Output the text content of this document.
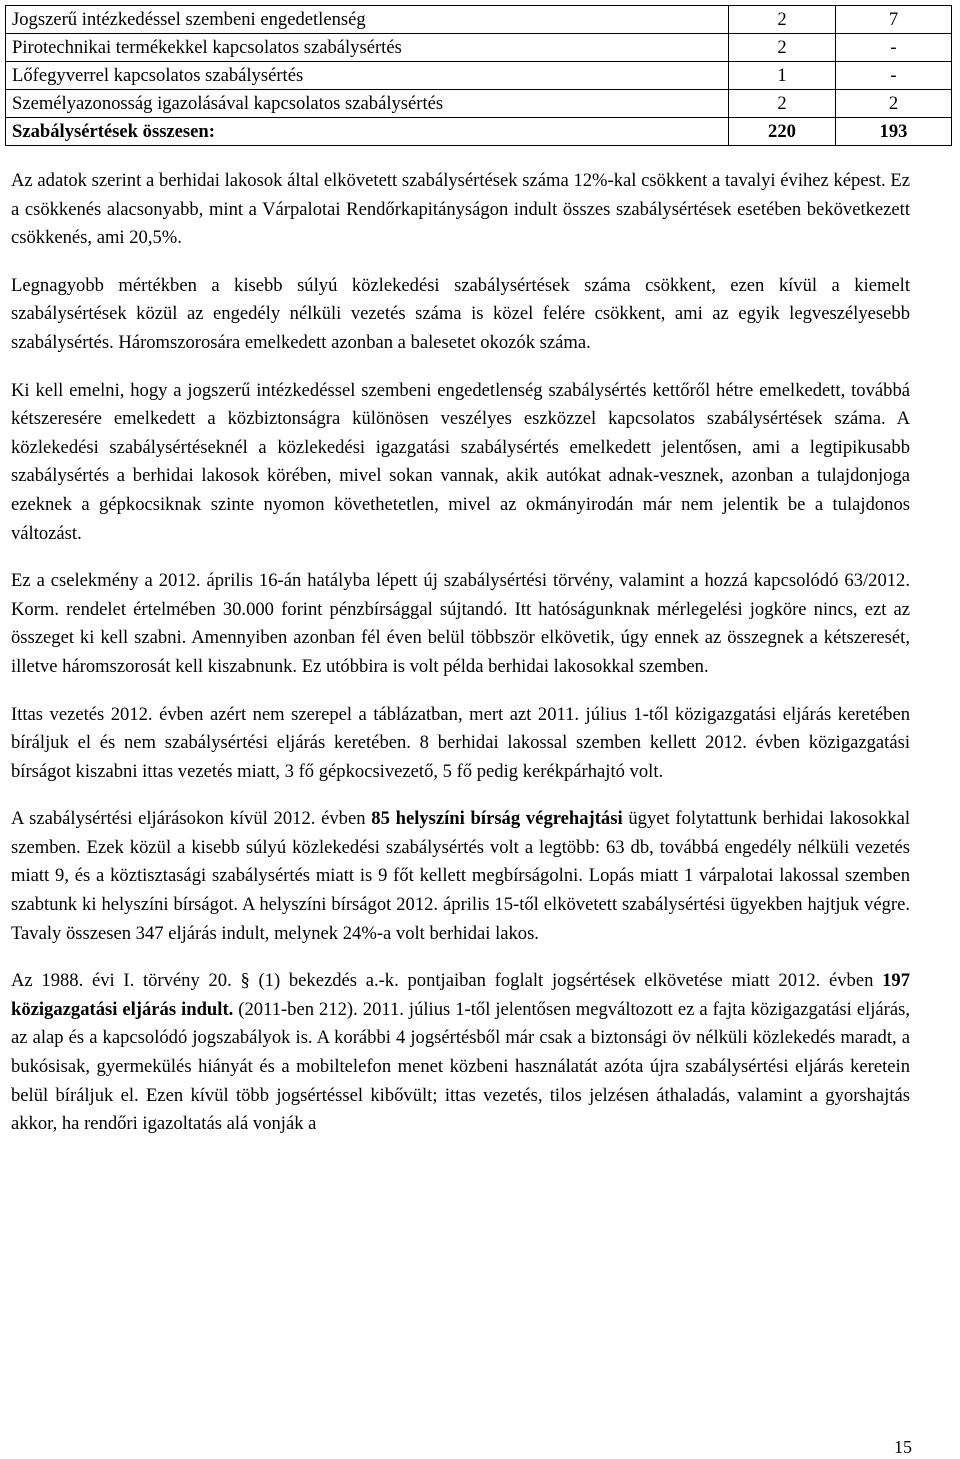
Jogszerű intézkedéssel szembeni engedetlenség	2	7
Pirotechnikai termékekkel kapcsolatos szabálysértés	2	-
Lőfegyverrel kapcsolatos szabálysértés	1	-
Személyazonosság igazolásával kapcsolatos szabálysértés	2	2
Szabálysértések összesen:	220	193

Az adatok szerint a berhidai lakosok által elkövetett szabálysértések száma 12%-kal csökkent a tavalyi évihez képest. Ez a csökkenés alacsonyabb, mint a Várpalotai Rendőrkapitányságon indult összes szabálysértések esetében bekövetkezett csökkenés, ami 20,5%.

Legnagyobb mértékben a kisebb súlyú közlekedési szabálysértések száma csökkent, ezen kívül a kiemelt szabálysértések közül az engedély nélküli vezetés száma is közel felére csökkent, ami az egyik legveszélyesebb szabálysértés. Háromszorosára emelkedett azonban a balesetet okozók száma.

Ki kell emelni, hogy a jogszerű intézkedéssel szembeni engedetlenség szabálysértés kettőről hétre emelkedett, továbbá kétszeresére emelkedett a közbiztonságra különösen veszélyes eszközzel kapcsolatos szabálysértések száma. A közlekedési szabálysértéseknél a közlekedési igazgatási szabálysértés emelkedett jelentősen, ami a legtipikusabb szabálysértés a berhidai lakosok körében, mivel sokan vannak, akik autókat adnak-vesznek, azonban a tulajdonjoga ezeknek a gépkocsiknak szinte nyomon követhetetlen, mivel az okmányirodán már nem jelentik be a tulajdonos változást.

Ez a cselekmény a 2012. április 16-án hatályba lépett új szabálysértési törvény, valamint a hozzá kapcsolódó 63/2012. Korm. rendelet értelmében 30.000 forint pénzbírsággal sújtandó. Itt hatóságunknak mérlegelési jogköre nincs, ezt az összeget ki kell szabni. Amennyiben azonban fél éven belül többször elkövetik, úgy ennek az összegnek a kétszeresét, illetve háromszorosát kell kiszabnunk. Ez utóbbira is volt példa berhidai lakosokkal szemben.

Ittas vezetés 2012. évben azért nem szerepel a táblázatban, mert azt 2011. július 1-től közigazgatási eljárás keretében bíráljuk el és nem szabálysértési eljárás keretében. 8 berhidai lakossal szemben kellett 2012. évben közigazgatási bírságot kiszabni ittas vezetés miatt, 3 fő gépkocsivezető, 5 fő pedig kerékpárhajtó volt.

A szabálysértési eljárásokon kívül 2012. évben 85 helyszíni bírság végrehajtási ügyet folytattunk berhidai lakosokkal szemben. Ezek közül a kisebb súlyú közlekedési szabálysértés volt a legtöbb: 63 db, továbbá engedély nélküli vezetés miatt 9, és a köztisztasági szabálysértés miatt is 9 főt kellett megbírságolni. Lopás miatt 1 várpalotai lakossal szemben szabtunk ki helyszíni bírságot. A helyszíni bírságot 2012. április 15-től elkövetett szabálysértési ügyekben hajtjuk végre. Tavaly összesen 347 eljárás indult, melynek 24%-a volt berhidai lakos.

Az 1988. évi I. törvény 20. § (1) bekezdés a.-k. pontjaiban foglalt jogsértések elkövetése miatt 2012. évben 197 közigazgatási eljárás indult. (2011-ben 212). 2011. július 1-től jelentősen megváltozott ez a fajta közigazgatási eljárás, az alap és a kapcsolódó jogszabályok is. A korábbi 4 jogsértésből már csak a biztonsági öv nélküli közlekedés maradt, a bukósisak, gyermekülés hiányát és a mobiltelefon menet közbeni használatát azóta újra szabálysértési eljárás keretein belül bíráljuk el. Ezen kívül több jogsértéssel kibővült; ittas vezetés, tilos jelzésen áthaladás, valamint a gyorshajtás akkor, ha rendőri igazoltatás alá vonják a

15
